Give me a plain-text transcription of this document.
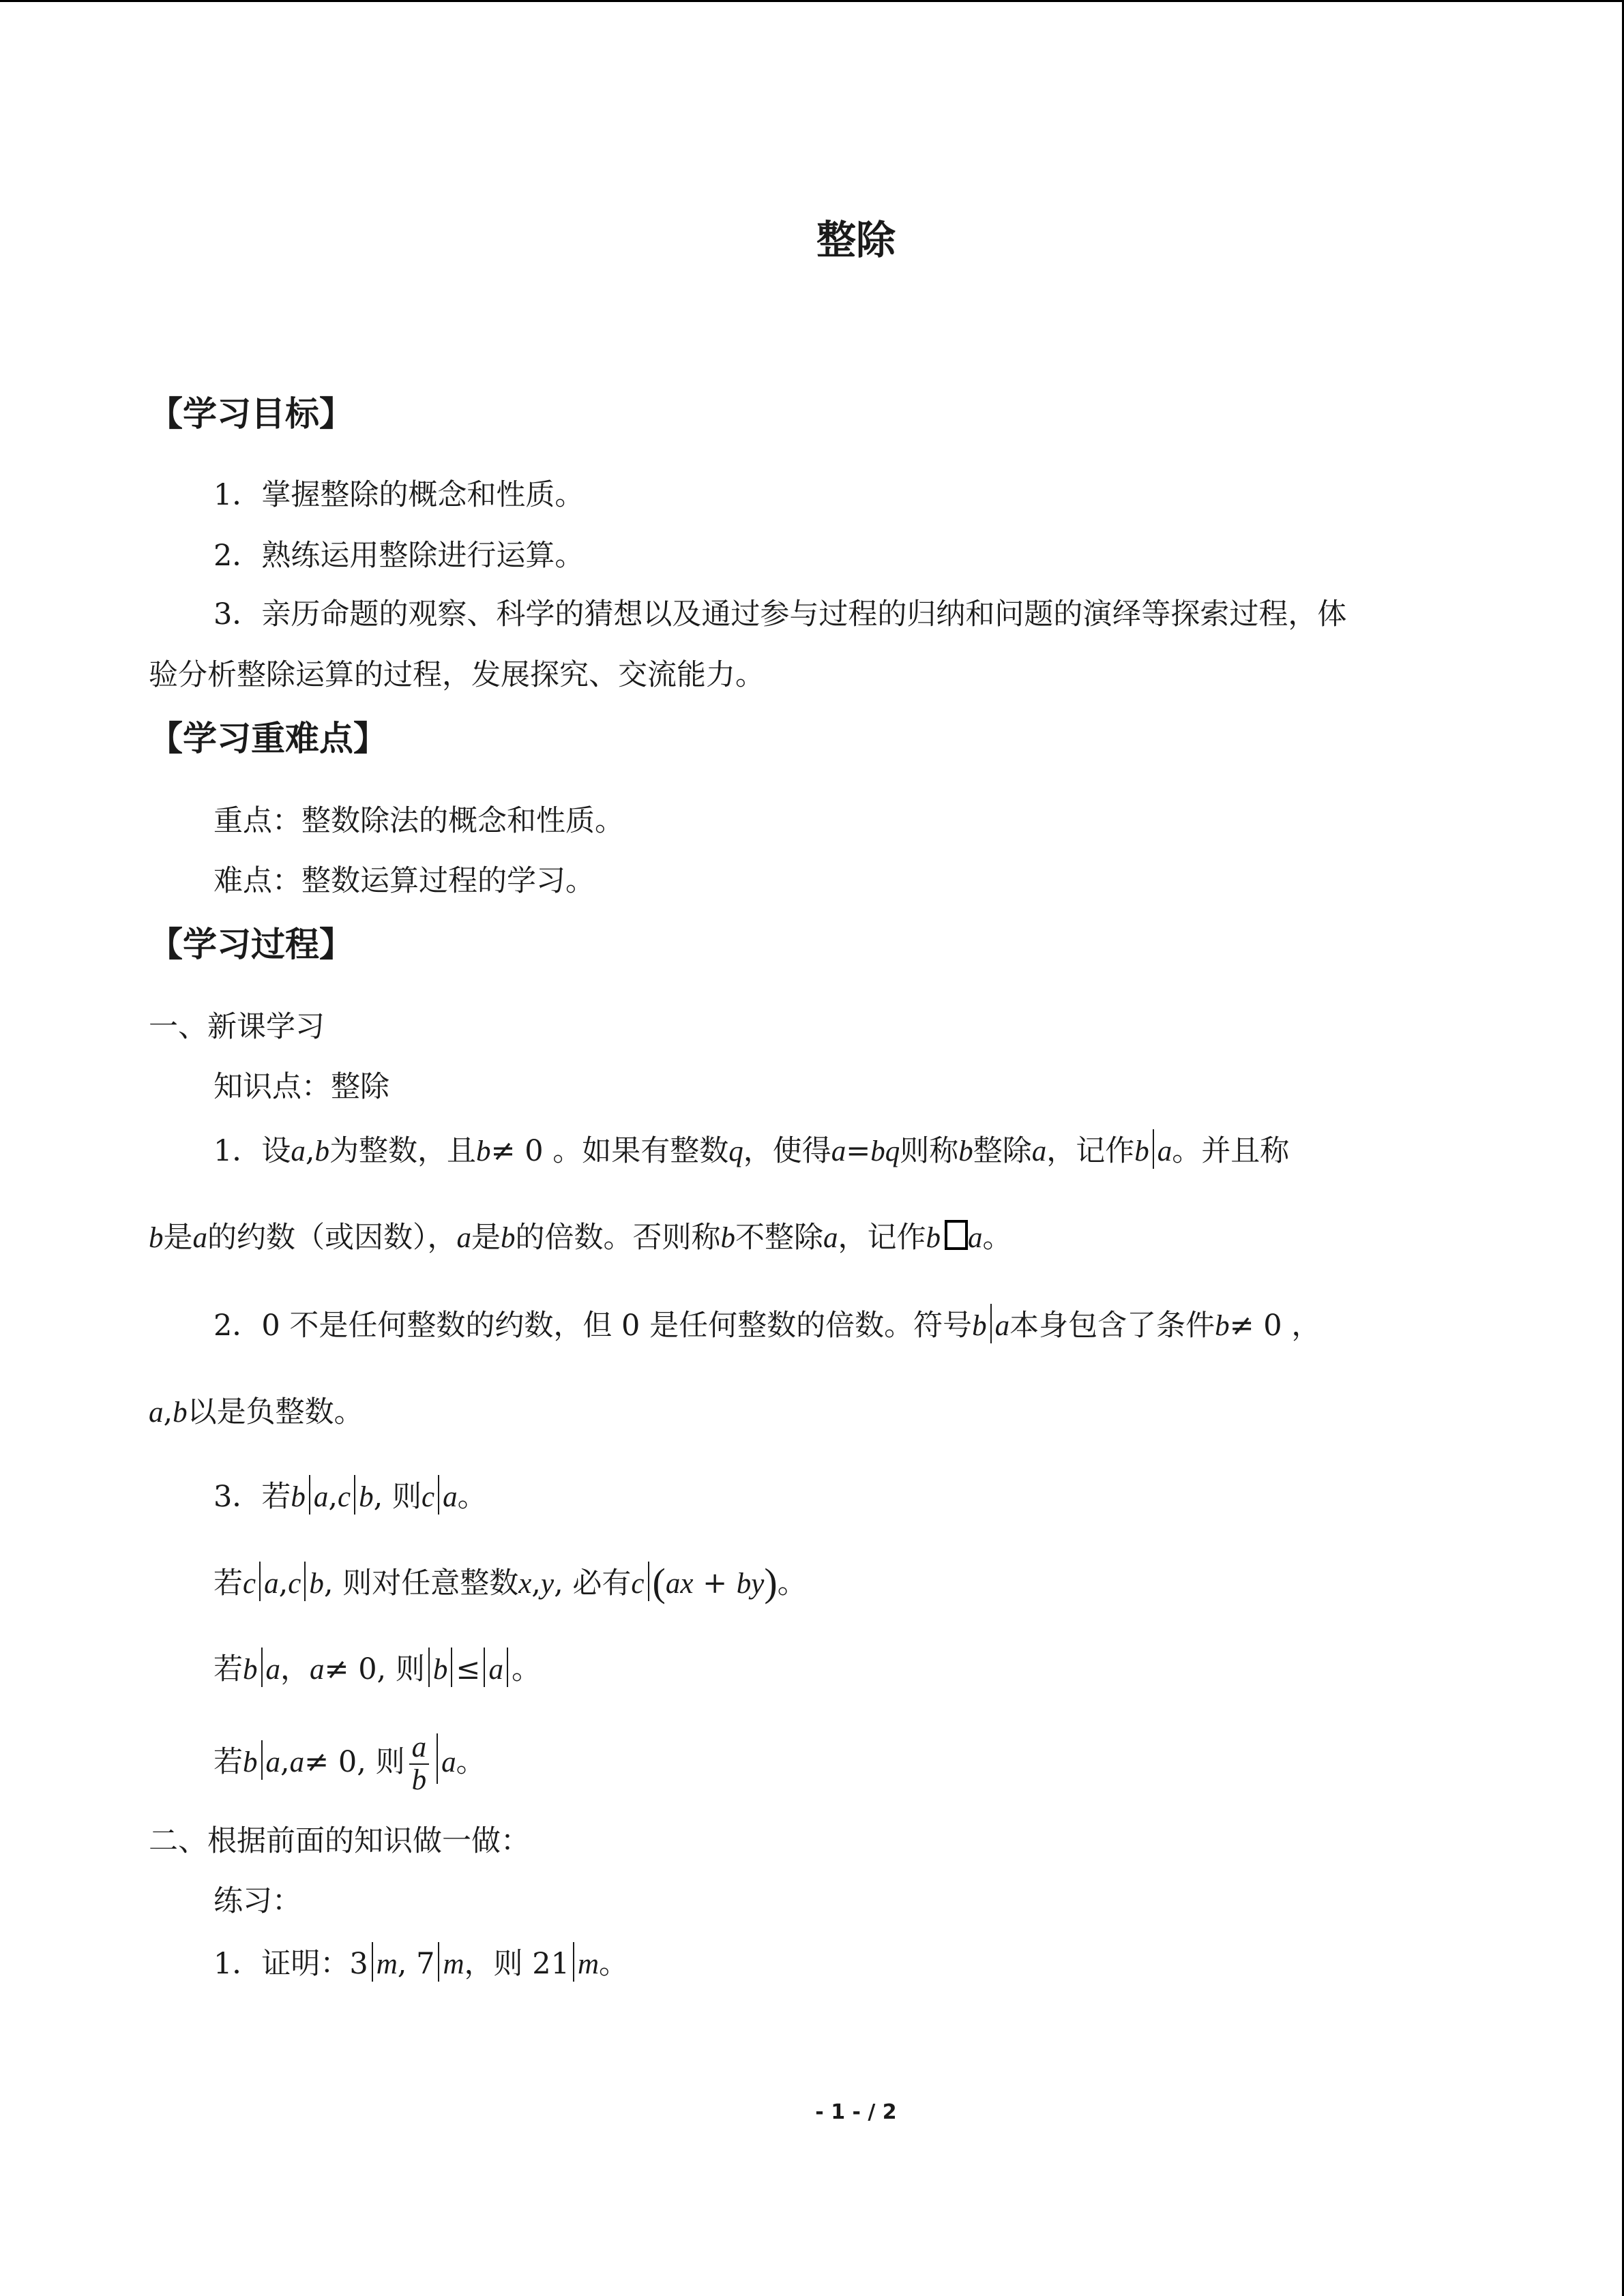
整除
【学习目标】
1．掌握整除的概念和性质。
2．熟练运用整除进行运算。
3．亲历命题的观察、科学的猜想以及通过参与过程的归纳和问题的演绎等探索过程，体
验分析整除运算的过程，发展探究、交流能力。
【学习重难点】
重点：整数除法的概念和性质。
难点：整数运算过程的学习。
【学习过程】
一、新课学习
知识点：整除
1．设a,b为整数，且b≠ 0 。如果有整数q，使得a=bq则称b整除a，记作b a。并且称
b是a的约数（或因数），a是b的倍数。否则称b不整除a，记作b a。
2．0 不是任何整数的约数，但 0 是任何整数的倍数。符号b a本身包含了条件b≠ 0 ，
a,b以是负整数。
3．若b a,c b, 则c a。
若c a,c b, 则对任意整数x,y, 必有c (ax + by)。
若b a，a≠ 0, 则 b ≤ a 。
若b a,a≠ 0, 则 $\frac{a}{b}$ a。
二、根据前面的知识做一做：
练习：
1．证明：3 m, 7 m，则 21 m。
- 1 - / 2
